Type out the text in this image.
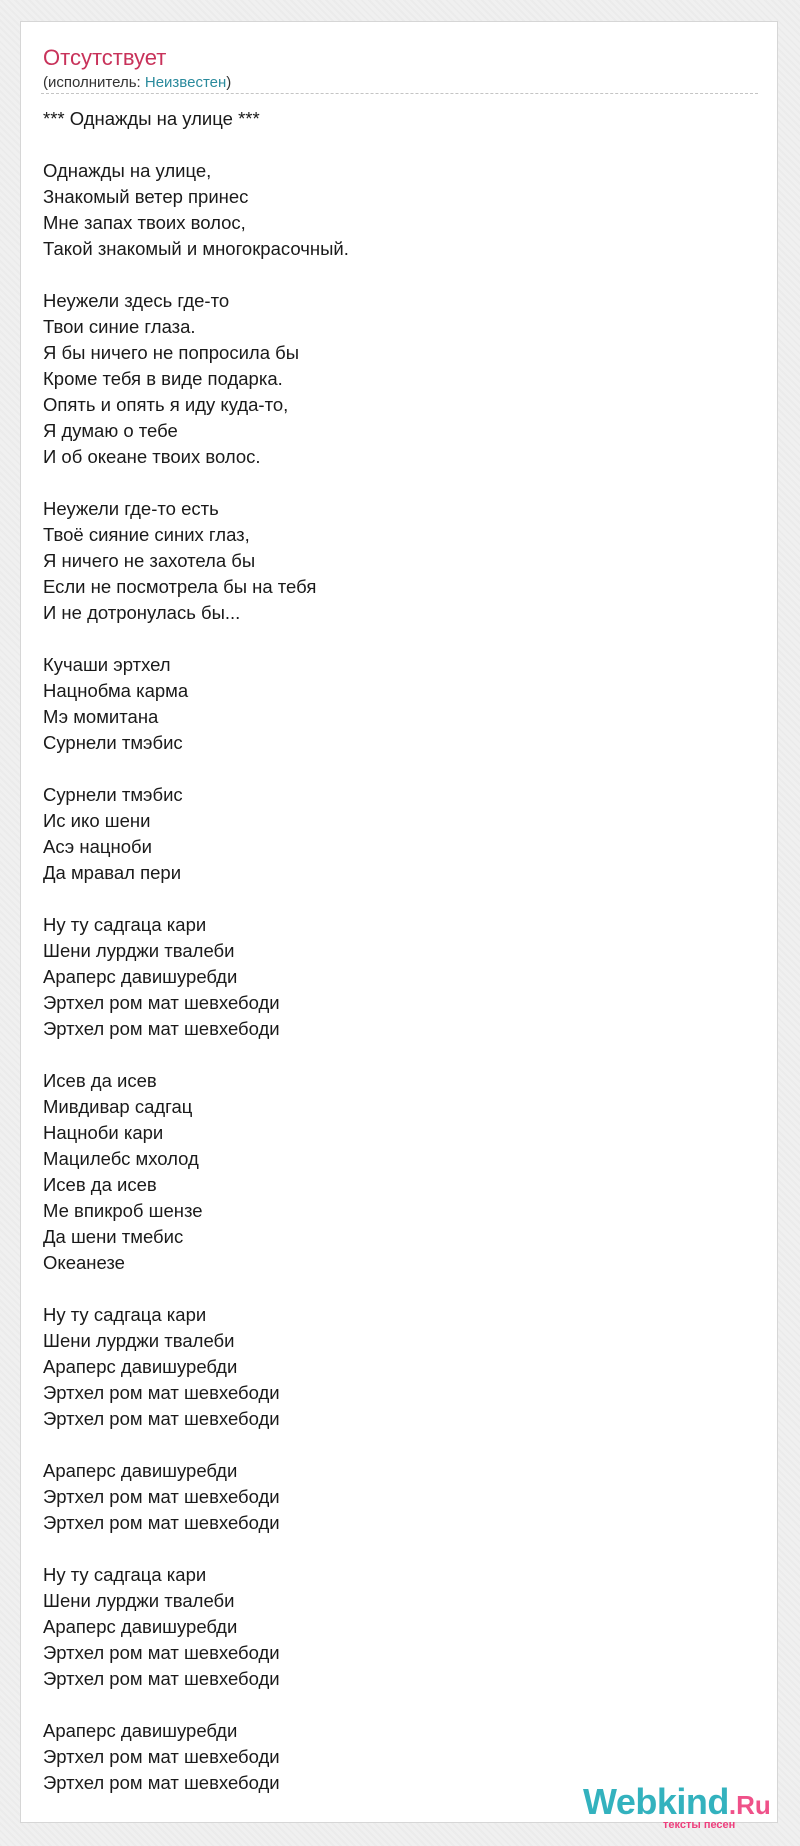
Отсутствует
(исполнитель: Неизвестен)
*** Однажды на улице ***
Однажды на улице,
Знакомый ветер принес
Мне запах твоих волос,
Такой знакомый и многокрасочный.
Неужели здесь где-то
Твои синие глаза.
Я бы ничего не попросила бы
Кроме тебя в виде подарка.
Опять и опять я иду куда-то,
Я думаю о тебе
И об океане твоих волос.
Неужели где-то есть
Твоё сияние синих глаз,
Я ничего не захотела бы
Если не посмотрела бы на тебя
И не дотронулась бы...
Кучаши эртхел
Нацнобма карма
Мэ момитана
Сурнели тмэбис
Сурнели тмэбис
Ис ико шени
Асэ нацноби
Да мравал пери
Ну ту садгаца кари
Шени лурджи твалеби
Араперс давишуребди
Эртхел ром мат шевхебоди
Эртхел ром мат шевхебоди
Исев да исев
Мивдивар садгац
Нацноби кари
Мацилебс мхолод
Исев да исев
Ме впикроб шензе
Да шени тмебис
Океанезе
Ну ту садгаца кари
Шени лурджи твалеби
Араперс давишуребди
Эртхел ром мат шевхебоди
Эртхел ром мат шевхебоди
Араперс давишуребди
Эртхел ром мат шевхебоди
Эртхел ром мат шевхебоди
Ну ту садгаца кари
Шени лурджи твалеби
Араперс давишуребди
Эртхел ром мат шевхебоди
Эртхел ром мат шевхебоди
Араперс давишуребди
Эртхел ром мат шевхебоди
Эртхел ром мат шевхебоди	Webkind.Ru
тексты песен
